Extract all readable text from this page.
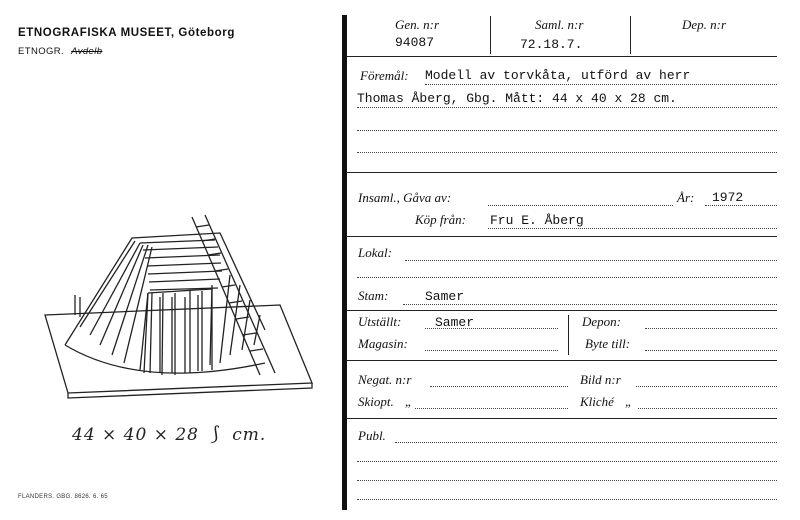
ETNOGRAFISKA MUSEET, Göteborg
ETNOGR. Avdelb
44 × 40 × 28 ⟆ cm.
FLANDERS. GBG. 8626. 6. 65
Gen. n:r
94087
Saml. n:r
72.18.7.
Dep. n:r
Föremål: Modell av torvkåta, utförd av herr
Thomas Åberg, Gbg. Mått: 44 x 40 x 28 cm.
Insaml., Gåva av:	År: 1972
Köp från: Fru E. Åberg
Lokal:
Stam:	Samer
Utställt:	Samer	Depon:
Magasin:	Byte till:
Negat. n:r	Bild n:r
Skiopt. „	Kliché „
Publ.
